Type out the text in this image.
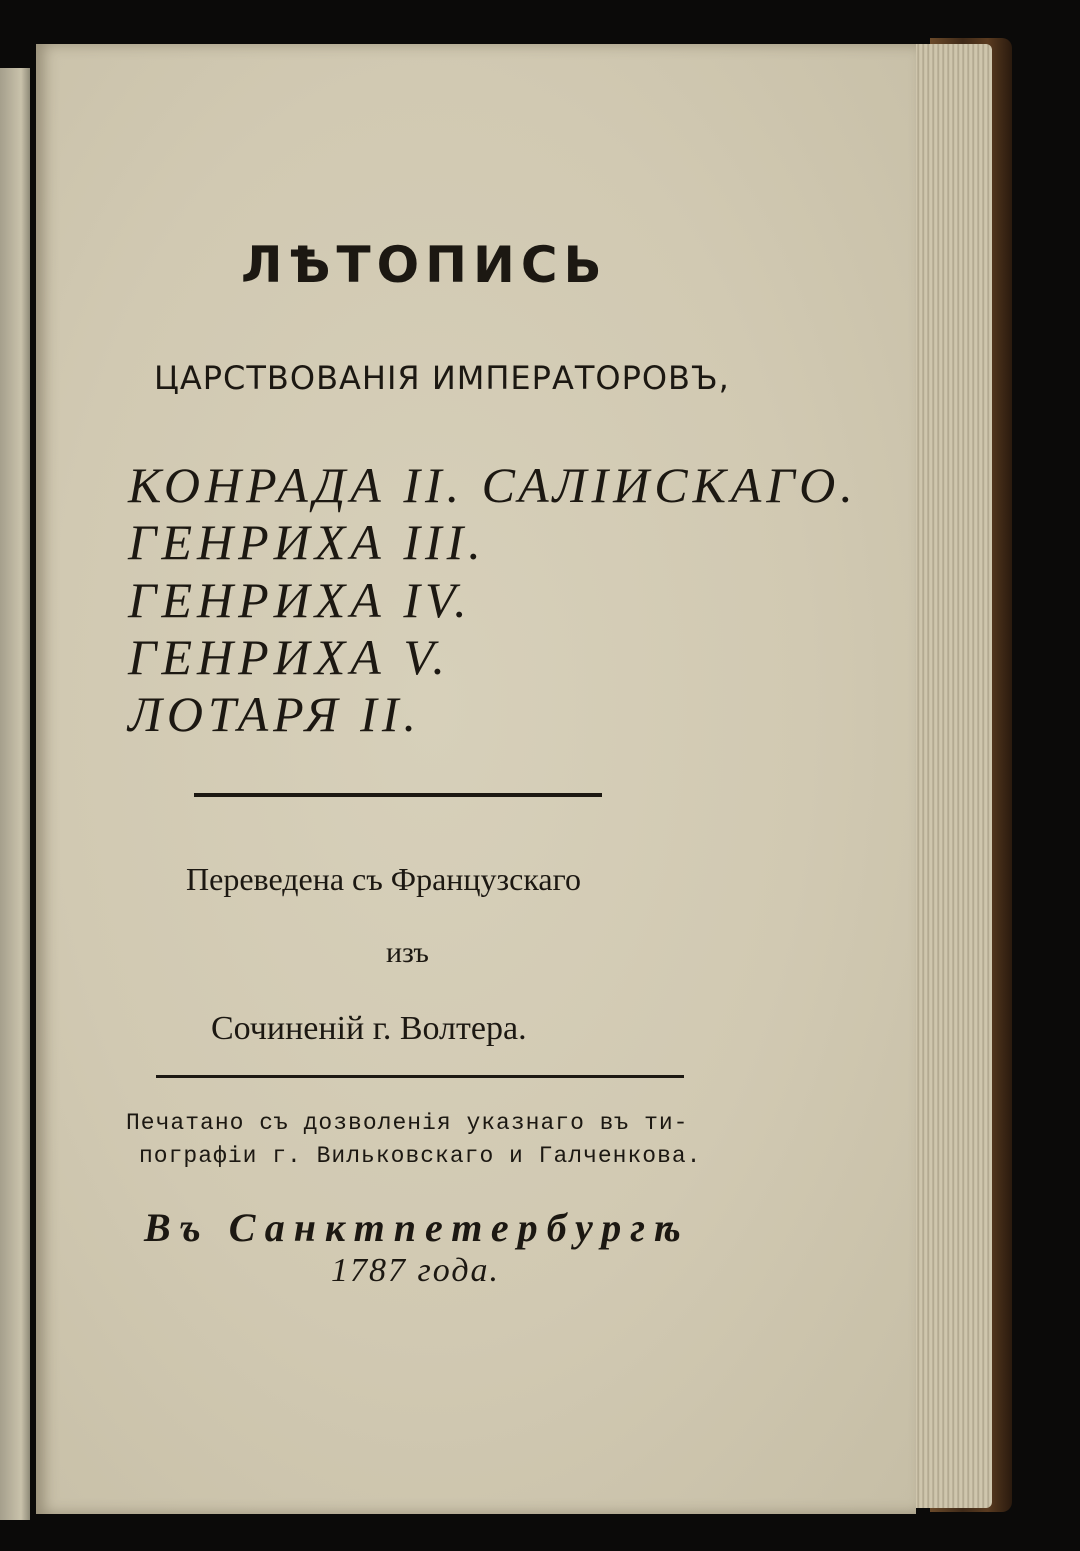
ЛѢТОПИСЬ
ЦАРСТВОВАНІЯ ИМПЕРАТОРОВЪ,
КОНРАДА II. САЛІИСКАГО.
ГЕНРИХА III.
ГЕНРИХА IV.
ГЕНРИХА V.
ЛОТАРЯ II.
Переведена съ Французскаго
изъ
Сочиненій г. Волтера.
Печатано съ дозволенія указнаго въ ти-
пографіи г. Вильковскаго и Галченкова.
Въ Санктпетербургѣ
1787 года.
